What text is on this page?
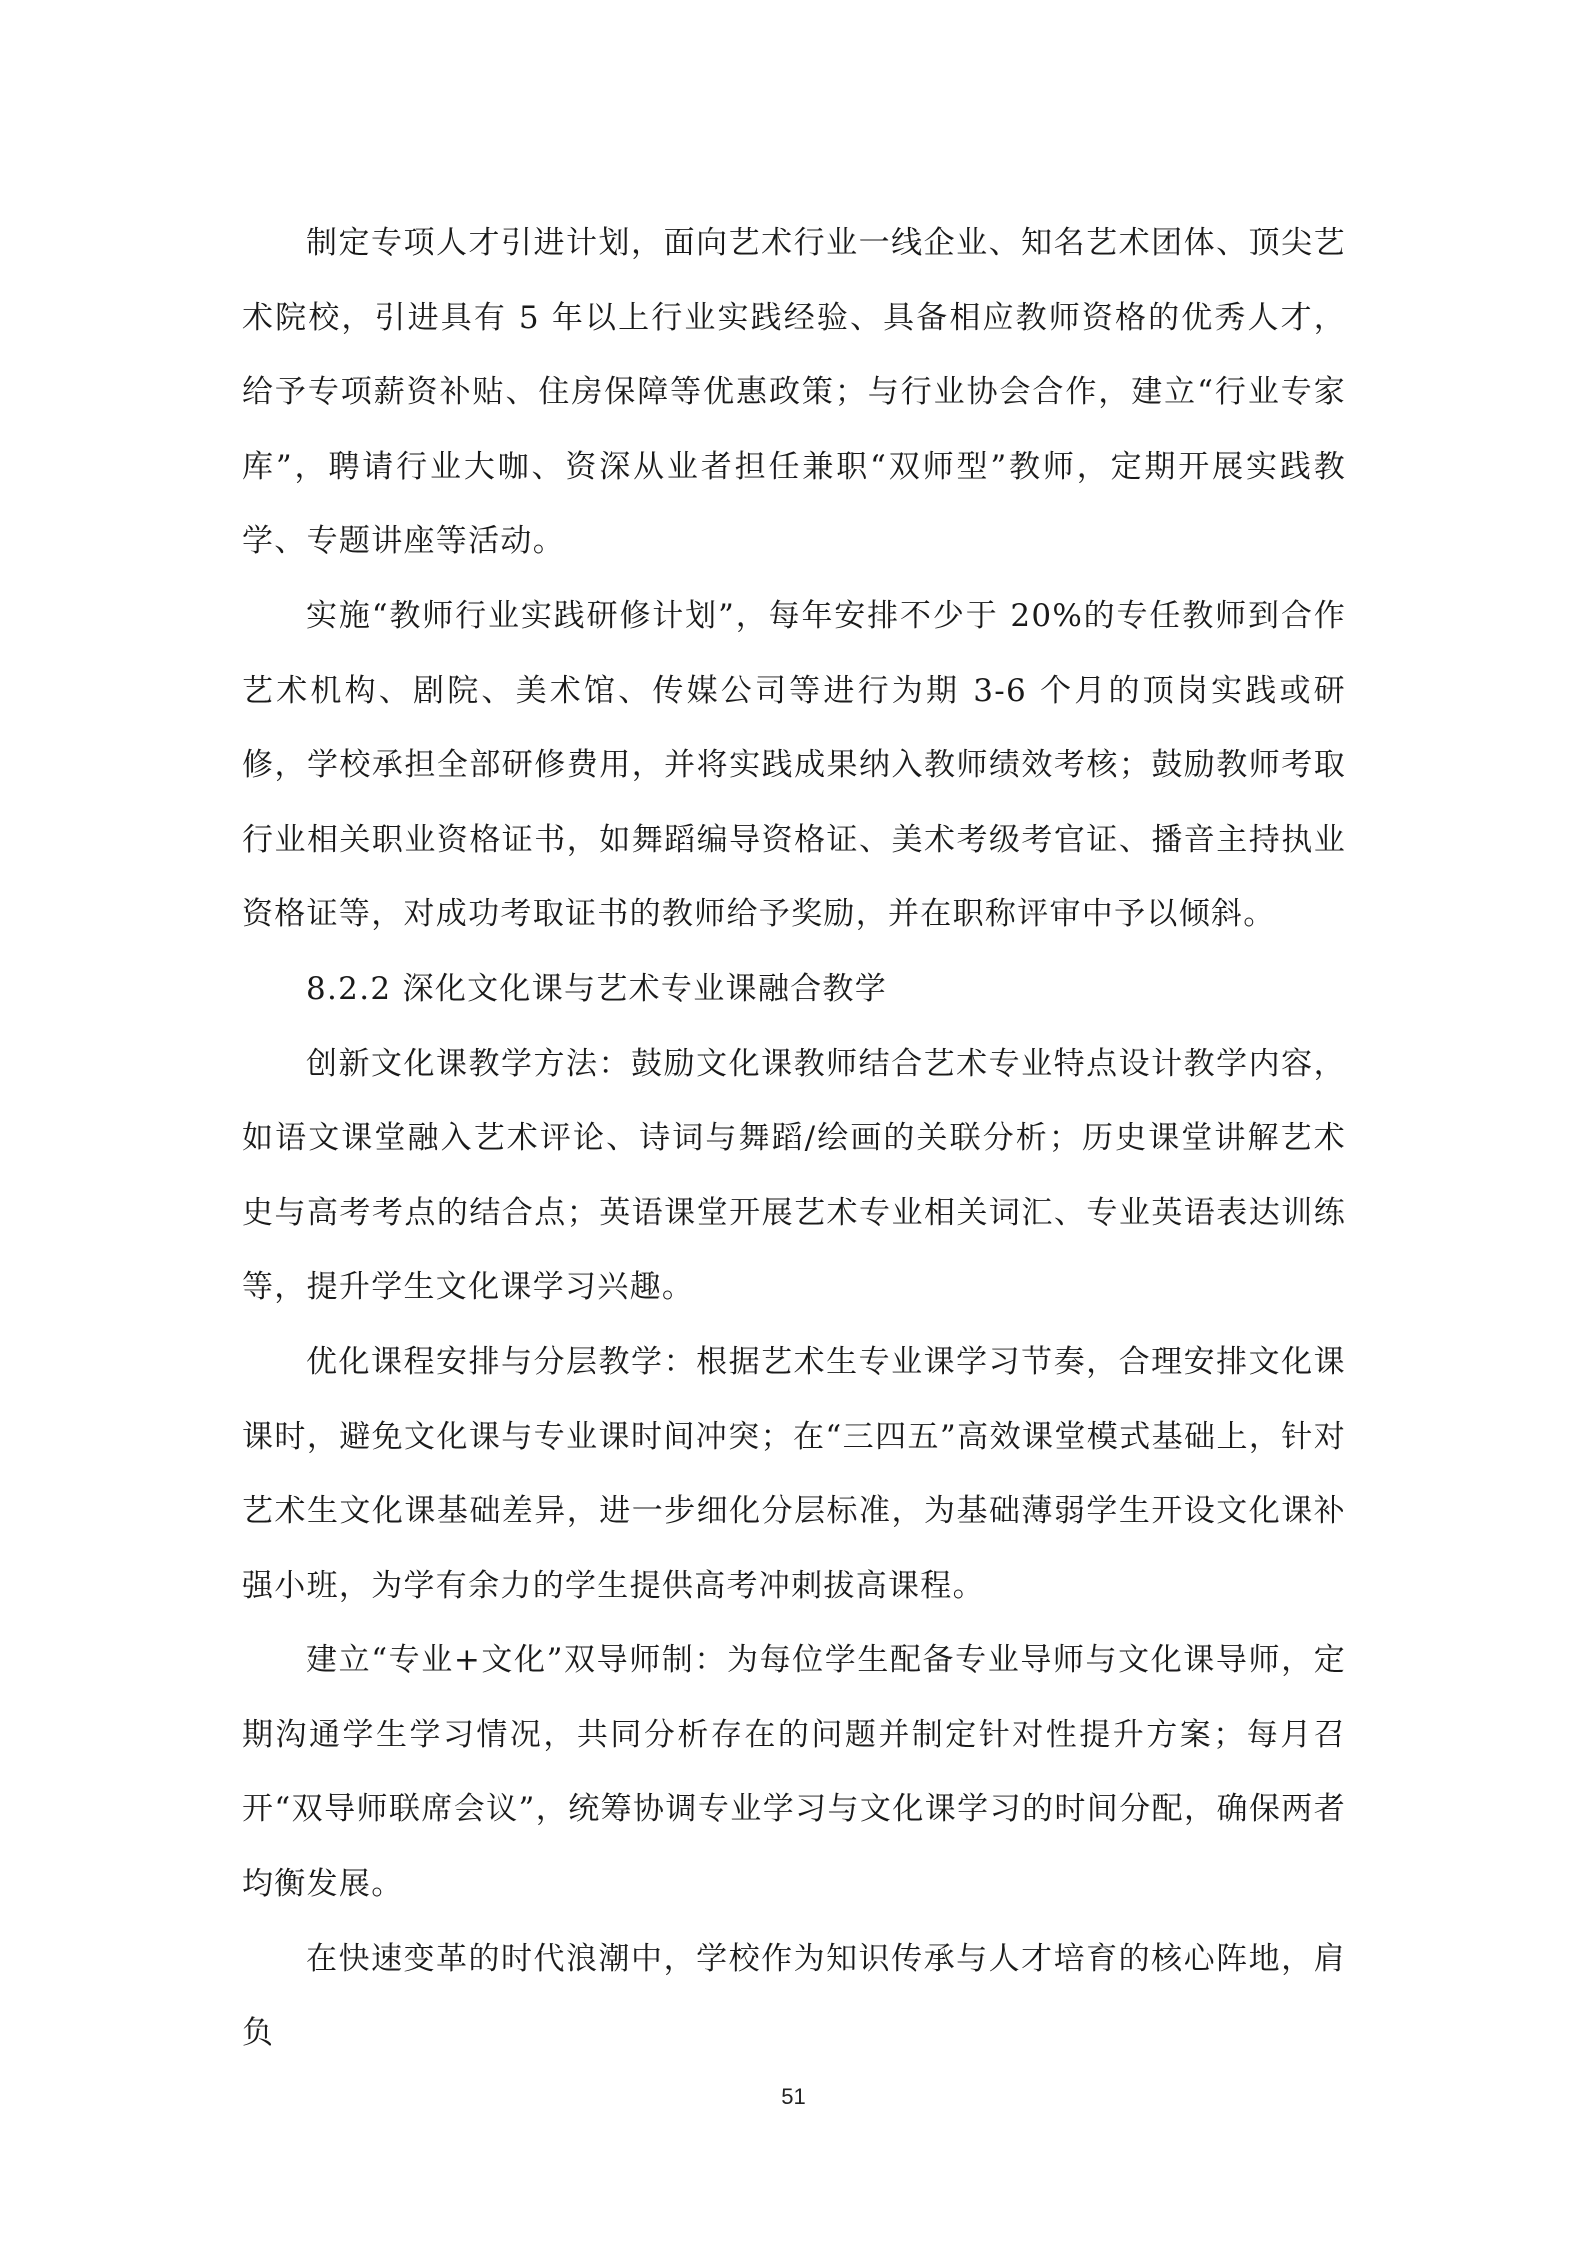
制定专项人才引进计划，面向艺术行业一线企业、知名艺术团体、顶尖艺术院校，引进具有 5 年以上行业实践经验、具备相应教师资格的优秀人才，给予专项薪资补贴、住房保障等优惠政策；与行业协会合作，建立“行业专家库”，聘请行业大咖、资深从业者担任兼职“双师型”教师，定期开展实践教学、专题讲座等活动。

实施“教师行业实践研修计划”，每年安排不少于 20%的专任教师到合作艺术机构、剧院、美术馆、传媒公司等进行为期 3-6 个月的顶岗实践或研修，学校承担全部研修费用，并将实践成果纳入教师绩效考核；鼓励教师考取行业相关职业资格证书，如舞蹈编导资格证、美术考级考官证、播音主持执业资格证等，对成功考取证书的教师给予奖励，并在职称评审中予以倾斜。

8.2.2 深化文化课与艺术专业课融合教学

创新文化课教学方法：鼓励文化课教师结合艺术专业特点设计教学内容，如语文课堂融入艺术评论、诗词与舞蹈/绘画的关联分析；历史课堂讲解艺术史与高考考点的结合点；英语课堂开展艺术专业相关词汇、专业英语表达训练等，提升学生文化课学习兴趣。

优化课程安排与分层教学：根据艺术生专业课学习节奏，合理安排文化课课时，避免文化课与专业课时间冲突；在“三四五”高效课堂模式基础上，针对艺术生文化课基础差异，进一步细化分层标准，为基础薄弱学生开设文化课补强小班，为学有余力的学生提供高考冲刺拔高课程。

建立“专业+文化”双导师制：为每位学生配备专业导师与文化课导师，定期沟通学生学习情况，共同分析存在的问题并制定针对性提升方案；每月召开“双导师联席会议”，统筹协调专业学习与文化课学习的时间分配，确保两者均衡发展。

在快速变革的时代浪潮中，学校作为知识传承与人才培育的核心阵地，肩负

51
